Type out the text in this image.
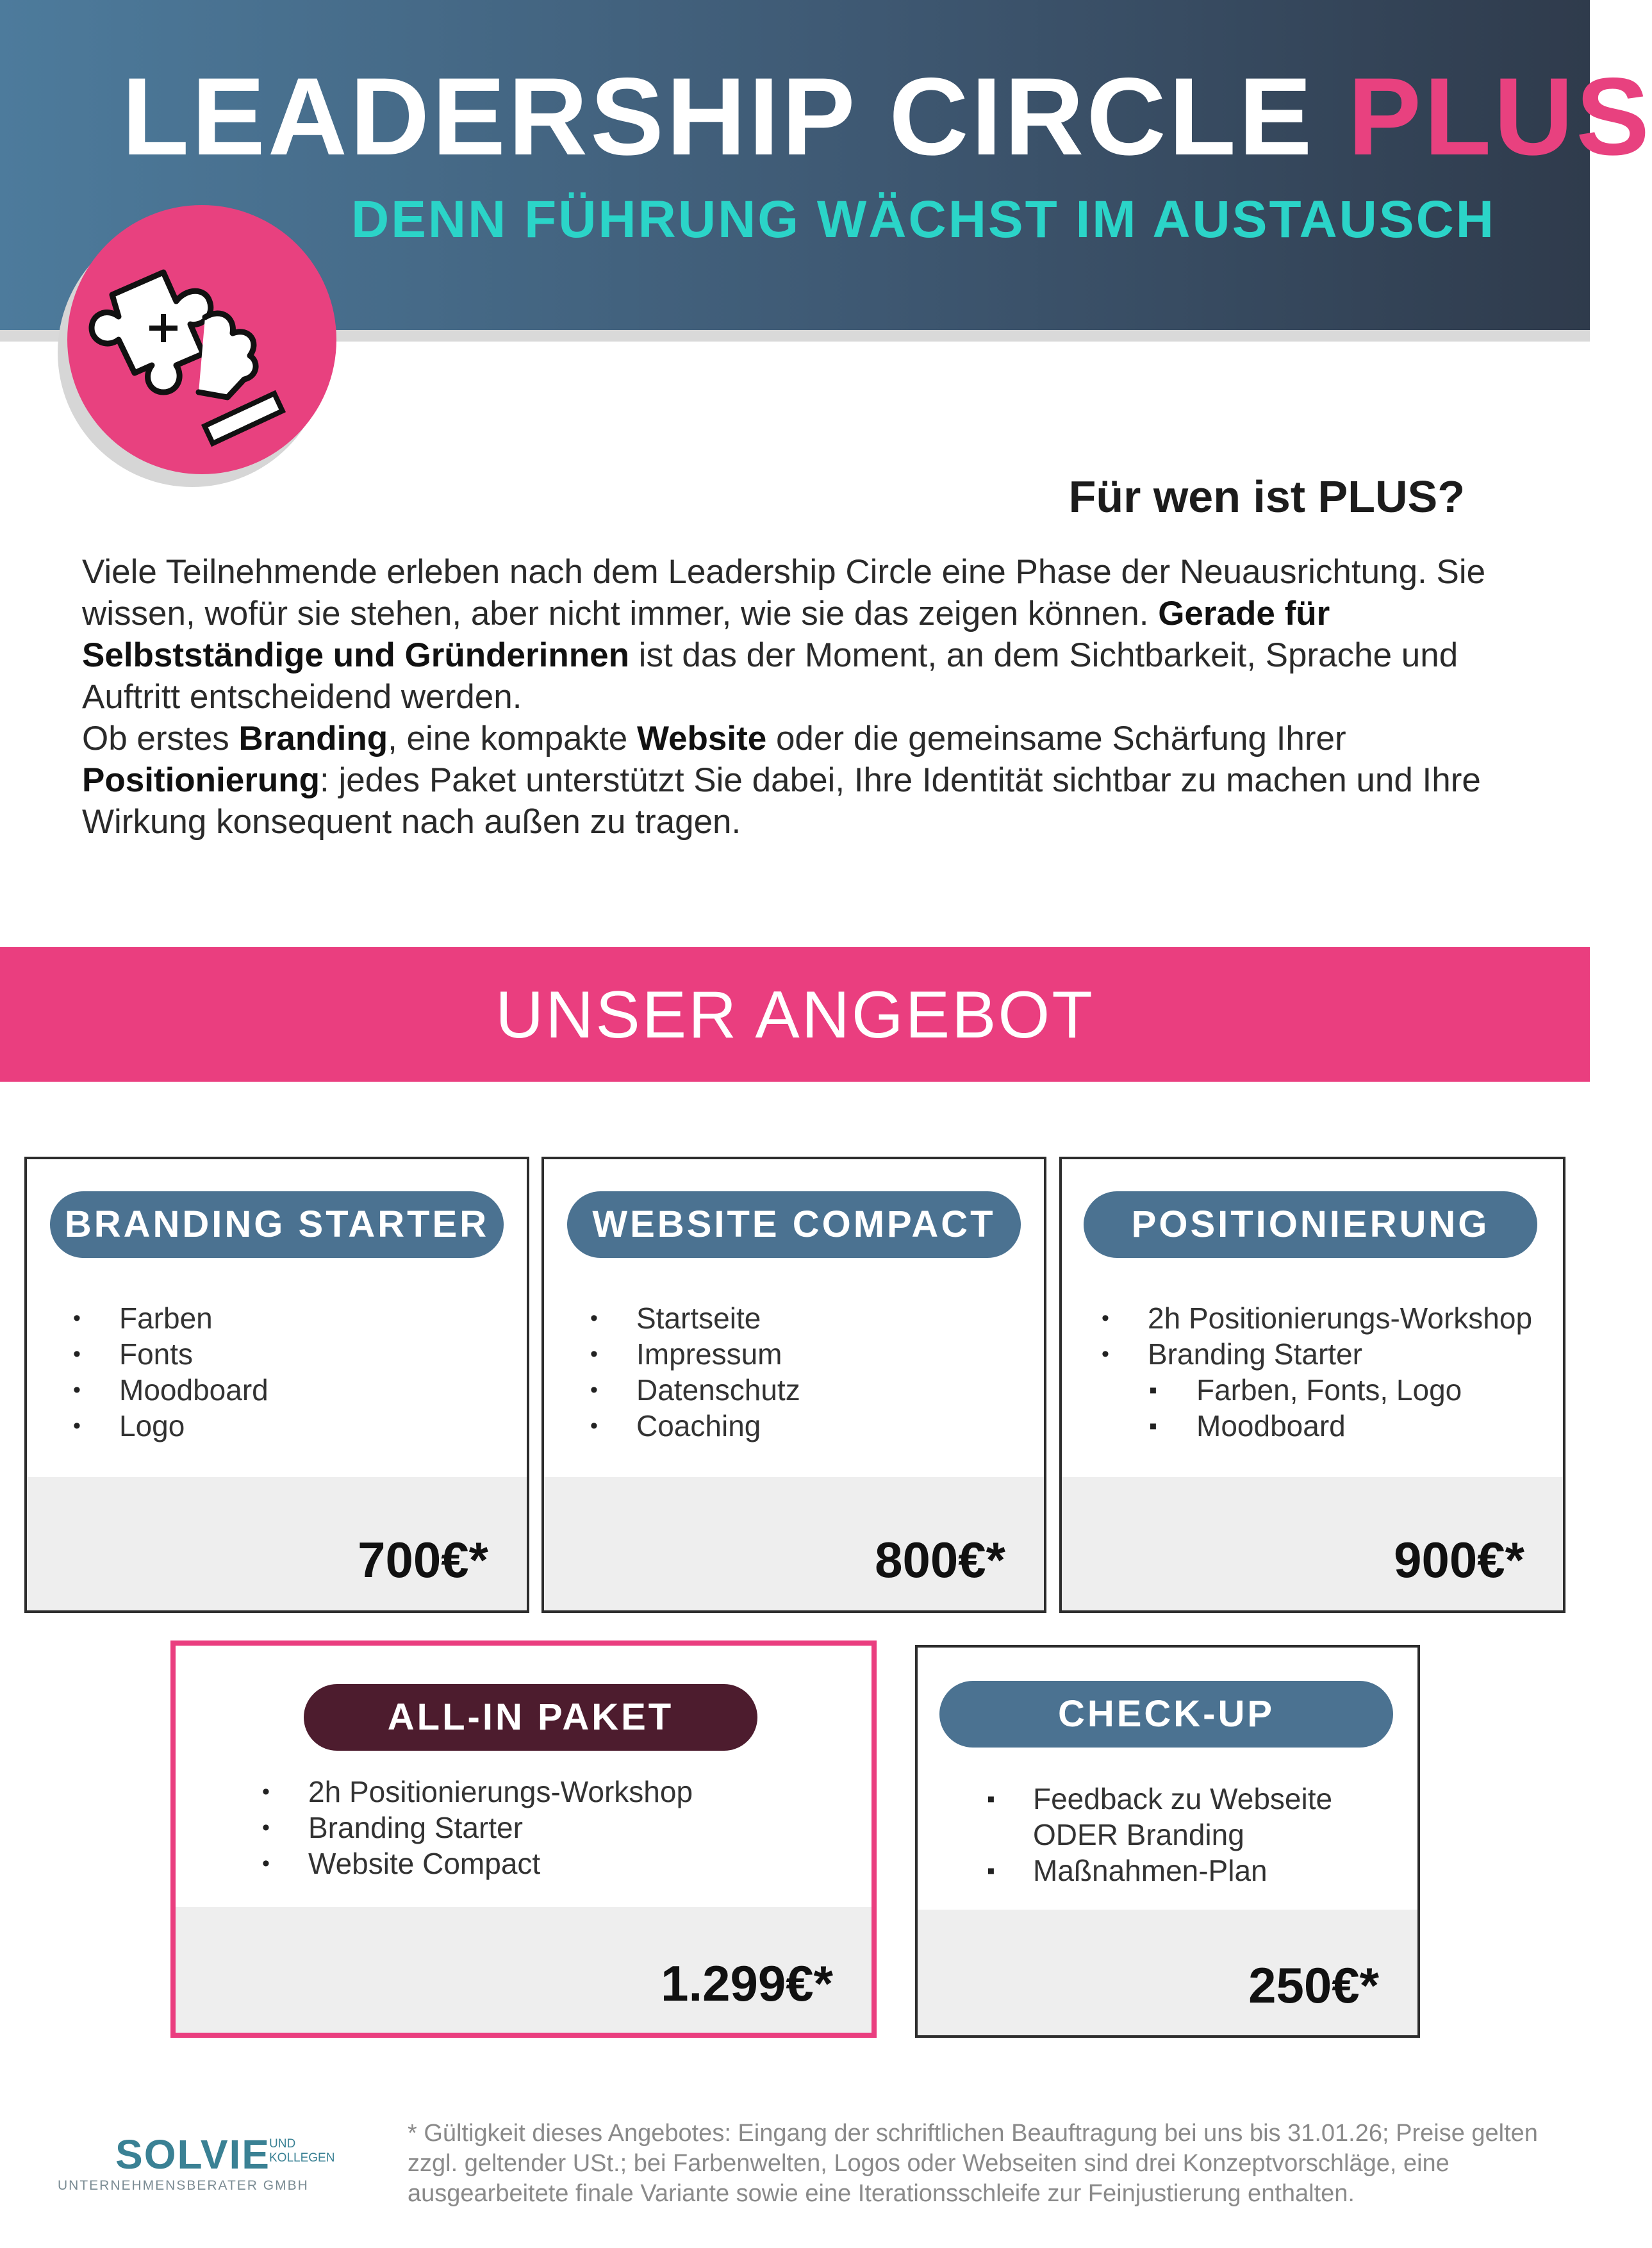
LEADERSHIP CIRCLE PLUS
DENN FÜHRUNG WÄCHST IM AUSTAUSCH
Für wen ist PLUS?
Viele Teilnehmende erleben nach dem Leadership Circle eine Phase der Neuausrichtung. Sie wissen, wofür sie stehen, aber nicht immer, wie sie das zeigen können. Gerade für Selbstständige und Gründerinnen ist das der Moment, an dem Sichtbarkeit, Sprache und Auftritt entscheidend werden.
Ob erstes Branding, eine kompakte Website oder die gemeinsame Schärfung Ihrer Positionierung: jedes Paket unterstützt Sie dabei, Ihre Identität sichtbar zu machen und Ihre Wirkung konsequent nach außen zu tragen.
UNSER ANGEBOT
BRANDING STARTER
• Farben
• Fonts
• Moodboard
• Logo
700€*
WEBSITE COMPACT
• Startseite
• Impressum
• Datenschutz
• Coaching
800€*
POSITIONIERUNG
• 2h Positionierungs-Workshop
• Branding Starter
▪ Farben, Fonts, Logo
▪ Moodboard
900€*
ALL-IN PAKET
• 2h Positionierungs-Workshop
• Branding Starter
• Website Compact
1.299€*
CHECK-UP
▪ Feedback zu Webseite
ODER Branding
▪ Maßnahmen-Plan
250€*
SOLVIE
UND
KOLLEGEN
UNTERNEHMENSBERATER GMBH
* Gültigkeit dieses Angebotes: Eingang der schriftlichen Beauftragung bei uns bis 31.01.26; Preise gelten zzgl. geltender USt.; bei Farbenwelten, Logos oder Webseiten sind drei Konzeptvorschläge, eine ausgearbeitete finale Variante sowie eine Iterationsschleife zur Feinjustierung enthalten.
